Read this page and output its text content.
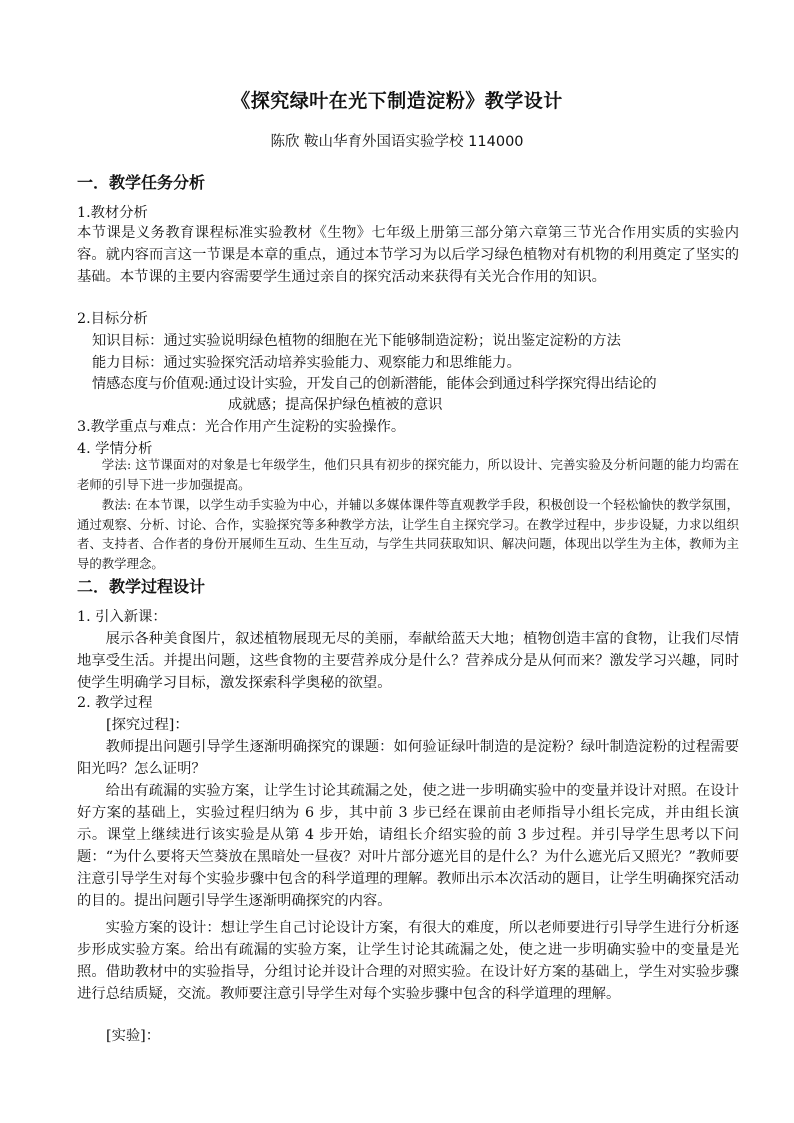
《探究绿叶在光下制造淀粉》教学设计
陈欣 鞍山华育外国语实验学校 114000
一．教学任务分析

1.教材分析

本节课是义务教育课程标准实验教材《生物》七年级上册第三部分第六章第三节光合作用实质的实验内容。就内容而言这一节课是本章的重点，通过本节学习为以后学习绿色植物对有机物的利用奠定了坚实的基础。本节课的主要内容需要学生通过亲自的探究活动来获得有关光合作用的知识。

2.目标分析

知识目标：通过实验说明绿色植物的细胞在光下能够制造淀粉；说出鉴定淀粉的方法

能力目标：通过实验探究活动培养实验能力、观察能力和思维能力。

情感态度与价值观:通过设计实验，开发自己的创新潜能，能体会到通过科学探究得出结论的

成就感；提高保护绿色植被的意识

3.教学重点与难点：光合作用产生淀粉的实验操作。

4. 学情分析

学法: 这节课面对的对象是七年级学生，他们只具有初步的探究能力，所以设计、完善实验及分析问题的能力均需在老师的引导下进一步加强提高。

教法: 在本节课，以学生动手实验为中心，并辅以多媒体课件等直观教学手段，积极创设一个轻松愉快的教学氛围，通过观察、分析、讨论、合作，实验探究等多种教学方法，让学生自主探究学习。在教学过程中，步步设疑，力求以组织者、支持者、合作者的身份开展师生互动、生生互动，与学生共同获取知识、解决问题，体现出以学生为主体，教师为主导的教学理念。

二．教学过程设计

1. 引入新课：

展示各种美食图片，叙述植物展现无尽的美丽，奉献给蓝天大地；植物创造丰富的食物，让我们尽情地享受生活。并提出问题，这些食物的主要营养成分是什么？营养成分是从何而来？激发学习兴趣，同时使学生明确学习目标，激发探索科学奥秘的欲望。

2. 教学过程

[探究过程]：

教师提出问题引导学生逐渐明确探究的课题：如何验证绿叶制造的是淀粉？绿叶制造淀粉的过程需要阳光吗？怎么证明？

给出有疏漏的实验方案，让学生讨论其疏漏之处，使之进一步明确实验中的变量并设计对照。在设计好方案的基础上，实验过程归纳为 6 步，其中前 3 步已经在课前由老师指导小组长完成，并由组长演示。课堂上继续进行该实验是从第 4 步开始，请组长介绍实验的前 3 步过程。并引导学生思考以下问题：“为什么要将天竺葵放在黑暗处一昼夜？对叶片部分遮光目的是什么？为什么遮光后又照光？”教师要注意引导学生对每个实验步骤中包含的科学道理的理解。教师出示本次活动的题目，让学生明确探究活动的目的。提出问题引导学生逐渐明确探究的内容。

实验方案的设计：想让学生自己讨论设计方案，有很大的难度，所以老师要进行引导学生进行分析逐步形成实验方案。给出有疏漏的实验方案，让学生讨论其疏漏之处，使之进一步明确实验中的变量是光照。借助教材中的实验指导，分组讨论并设计合理的对照实验。在设计好方案的基础上，学生对实验步骤进行总结质疑，交流。教师要注意引导学生对每个实验步骤中包含的科学道理的理解。

[实验]：
